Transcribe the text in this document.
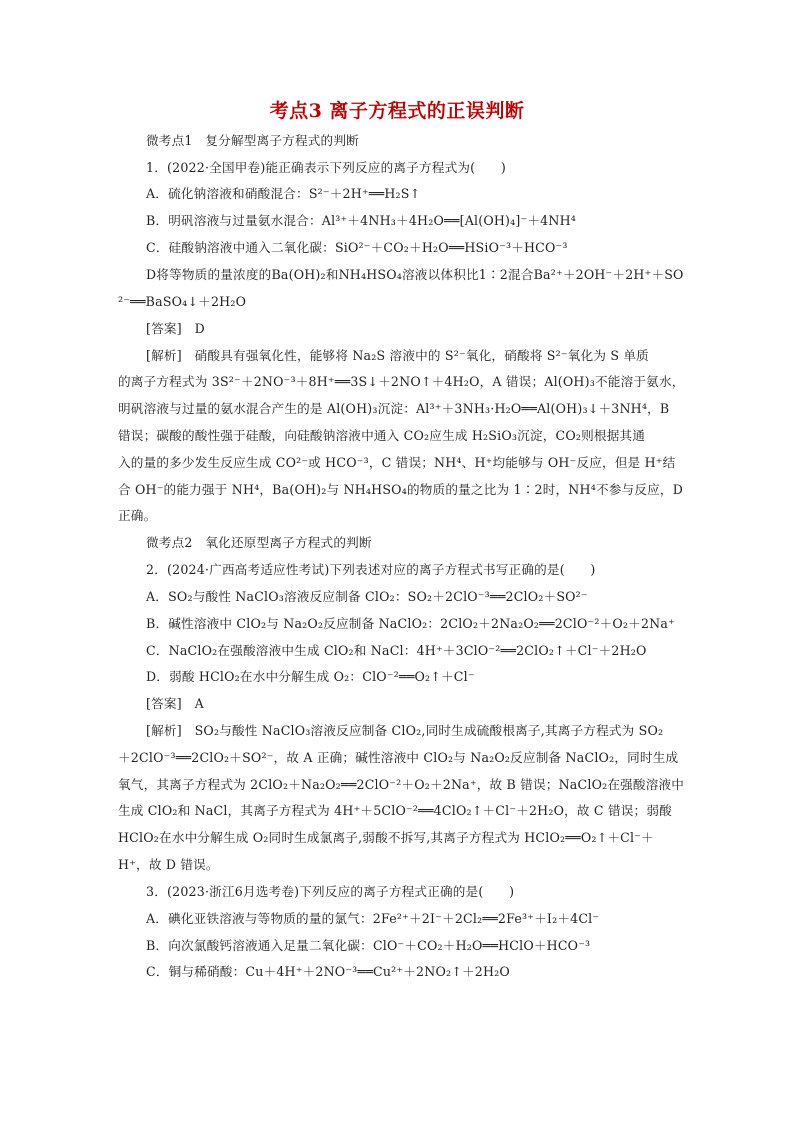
考点3 离子方程式的正误判断
微考点1　复分解型离子方程式的判断
1．(2022·全国甲卷)能正确表示下列反应的离子方程式为(　　)
A．硫化钠溶液和硝酸混合：S²⁻＋2H⁺══H₂S↑
B．明矾溶液与过量氨水混合：Al³⁺＋4NH₃＋4H₂O══[Al(OH)₄]⁻＋4NH⁴
C．硅酸钠溶液中通入二氧化碳：SiO²⁻＋CO₂＋H₂O══HSiO⁻³＋HCO⁻³
D将等物质的量浓度的Ba(OH)₂和NH₄HSO₄溶液以体积比1∶2混合Ba²⁺＋2OH⁻＋2H⁺＋SO
²⁻══BaSO₄↓＋2H₂O
[答案]　D
[解析]　硝酸具有强氧化性，能够将 Na₂S 溶液中的 S²⁻氧化，硝酸将 S²⁻氧化为 S 单质
的离子方程式为 3S²⁻＋2NO⁻³＋8H⁺══3S↓＋2NO↑＋4H₂O，A 错误；Al(OH)₃不能溶于氨水，
明矾溶液与过量的氨水混合产生的是 Al(OH)₃沉淀：Al³⁺＋3NH₃·H₂O══Al(OH)₃↓＋3NH⁴，B
错误；碳酸的酸性强于硅酸，向硅酸钠溶液中通入 CO₂应生成 H₂SiO₃沉淀，CO₂则根据其通
入的量的多少发生反应生成 CO²⁻或 HCO⁻³，C 错误；NH⁴、H⁺均能够与 OH⁻反应，但是 H⁺结
合 OH⁻的能力强于 NH⁴，Ba(OH)₂与 NH₄HSO₄的物质的量之比为 1∶2时，NH⁴不参与反应，D
正确。
微考点2　氧化还原型离子方程式的判断
2．(2024·广西高考适应性考试)下列表述对应的离子方程式书写正确的是(　　)
A．SO₂与酸性 NaClO₃溶液反应制备 ClO₂：SO₂＋2ClO⁻³══2ClO₂＋SO²⁻
B．碱性溶液中 ClO₂与 Na₂O₂反应制备 NaClO₂：2ClO₂＋2Na₂O₂══2ClO⁻²＋O₂＋2Na⁺
C．NaClO₂在强酸溶液中生成 ClO₂和 NaCl：4H⁺＋3ClO⁻²══2ClO₂↑＋Cl⁻＋2H₂O
D．弱酸 HClO₂在水中分解生成 O₂：ClO⁻²══O₂↑＋Cl⁻
[答案]　A
[解析]　SO₂与酸性 NaClO₃溶液反应制备 ClO₂,同时生成硫酸根离子,其离子方程式为 SO₂
＋2ClO⁻³══2ClO₂＋SO²⁻，故 A 正确；碱性溶液中 ClO₂与 Na₂O₂反应制备 NaClO₂，同时生成
氧气，其离子方程式为 2ClO₂＋Na₂O₂══2ClO⁻²＋O₂＋2Na⁺，故 B 错误；NaClO₂在强酸溶液中
生成 ClO₂和 NaCl，其离子方程式为 4H⁺＋5ClO⁻²══4ClO₂↑＋Cl⁻＋2H₂O，故 C 错误；弱酸
HClO₂在水中分解生成 O₂同时生成氯离子,弱酸不拆写,其离子方程式为 HClO₂══O₂↑＋Cl⁻＋
H⁺，故 D 错误。
3．(2023·浙江6月选考卷)下列反应的离子方程式正确的是(　　)
A．碘化亚铁溶液与等物质的量的氯气：2Fe²⁺＋2I⁻＋2Cl₂══2Fe³⁺＋I₂＋4Cl⁻
B．向次氯酸钙溶液通入足量二氧化碳：ClO⁻＋CO₂＋H₂O══HClO＋HCO⁻³
C．铜与稀硝酸：Cu＋4H⁺＋2NO⁻³══Cu²⁺＋2NO₂↑＋2H₂O
